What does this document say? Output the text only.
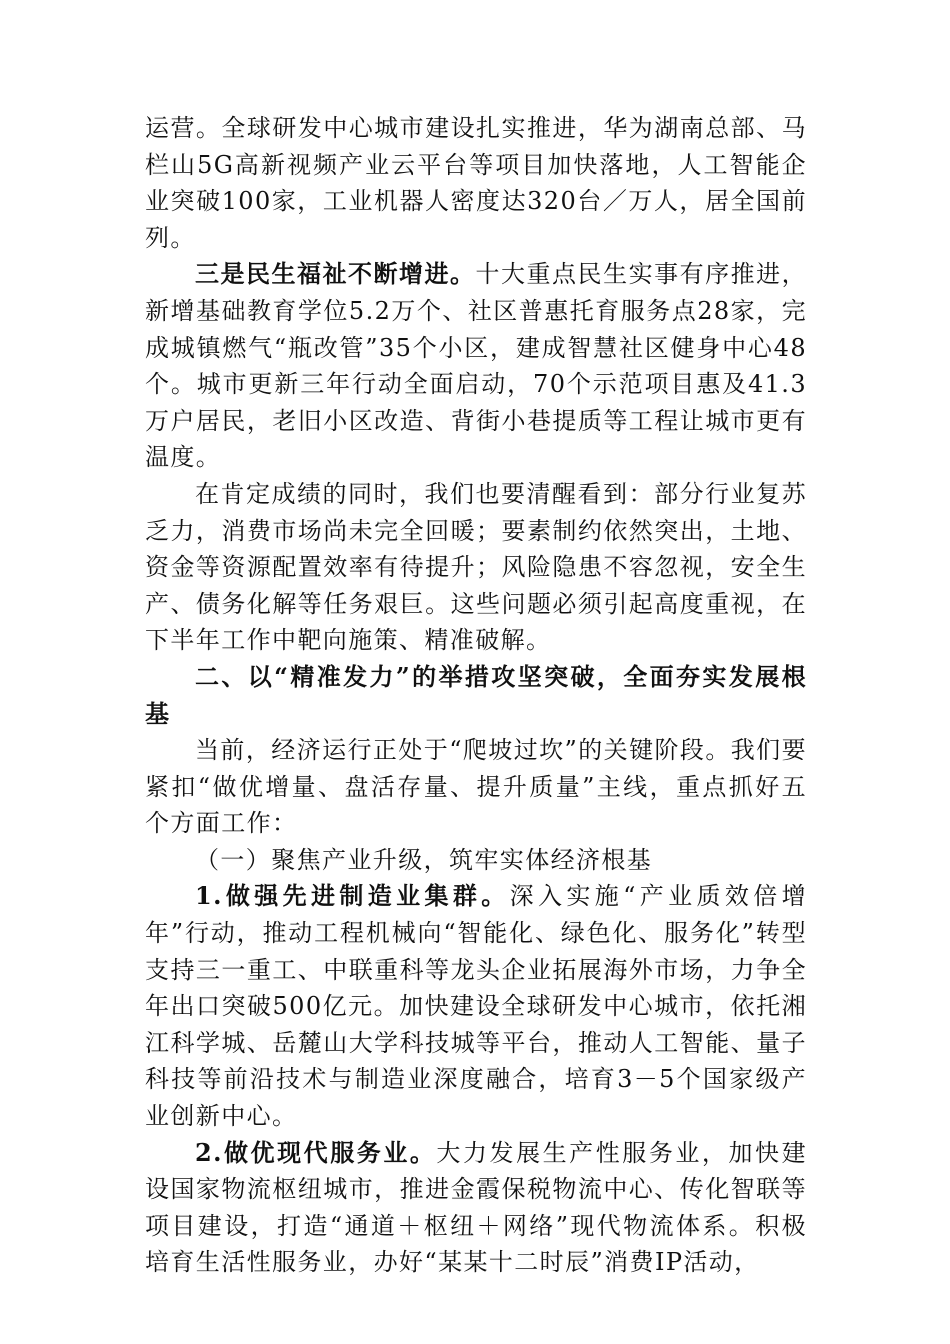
运营。全球研发中心城市建设扎实推进，华为湖南总部、马栏山5G高新视频产业云平台等项目加快落地，人工智能企业突破100家，工业机器人密度达320台／万人，居全国前列。

三是民生福祉不断增进。十大重点民生实事有序推进，新增基础教育学位5.2万个、社区普惠托育服务点28家，完成城镇燃气“瓶改管”35个小区，建成智慧社区健身中心48个。城市更新三年行动全面启动，70个示范项目惠及41.3万户居民，老旧小区改造、背街小巷提质等工程让城市更有温度。

在肯定成绩的同时，我们也要清醒看到：部分行业复苏乏力，消费市场尚未完全回暖；要素制约依然突出，土地、资金等资源配置效率有待提升；风险隐患不容忽视，安全生产、债务化解等任务艰巨。这些问题必须引起高度重视，在下半年工作中靶向施策、精准破解。

二、以“精准发力”的举措攻坚突破，全面夯实发展根基

当前，经济运行正处于“爬坡过坎”的关键阶段。我们要紧扣“做优增量、盘活存量、提升质量”主线，重点抓好五个方面工作：

（一）聚焦产业升级，筑牢实体经济根基

1.做强先进制造业集群。深入实施“产业质效倍增年”行动，推动工程机械向“智能化、绿色化、服务化”转型支持三一重工、中联重科等龙头企业拓展海外市场，力争全年出口突破500亿元。加快建设全球研发中心城市，依托湘江科学城、岳麓山大学科技城等平台，推动人工智能、量子科技等前沿技术与制造业深度融合，培育3－5个国家级产业创新中心。

2.做优现代服务业。大力发展生产性服务业，加快建设国家物流枢纽城市，推进金霞保税物流中心、传化智联等项目建设，打造“通道＋枢纽＋网络”现代物流体系。积极培育生活性服务业，办好“某某十二时辰”消费IP活动，
